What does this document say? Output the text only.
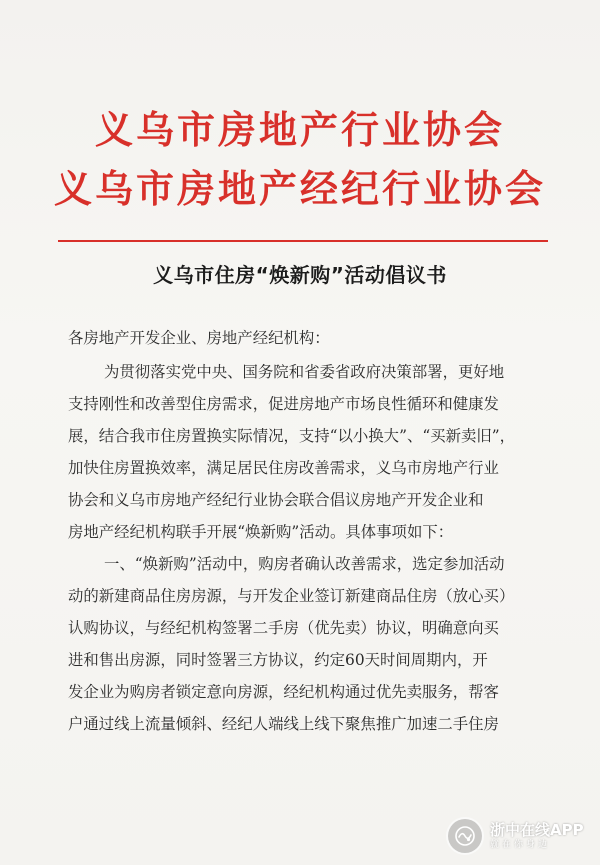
义乌市房地产行业协会
义乌市房地产经纪行业协会
义乌市住房“焕新购”活动倡议书
各房地产开发企业、房地产经纪机构：
为贯彻落实党中央、国务院和省委省政府决策部署，更好地
支持刚性和改善型住房需求，促进房地产市场良性循环和健康发
展，结合我市住房置换实际情况，支持“以小换大”、“买新卖旧”，
加快住房置换效率，满足居民住房改善需求，义乌市房地产行业
协会和义乌市房地产经纪行业协会联合倡议房地产开发企业和
房地产经纪机构联手开展“焕新购”活动。具体事项如下：
一、“焕新购”活动中，购房者确认改善需求，选定参加活动
动的新建商品住房房源，与开发企业签订新建商品住房（放心买）
认购协议，与经纪机构签署二手房（优先卖）协议，明确意向买
进和售出房源，同时签署三方协议，约定60天时间周期内，开
发企业为购房者锁定意向房源，经纪机构通过优先卖服务，帮客
户通过线上流量倾斜、经纪人端线上线下聚焦推广加速二手住房
浙中在线APP
就在你身边
